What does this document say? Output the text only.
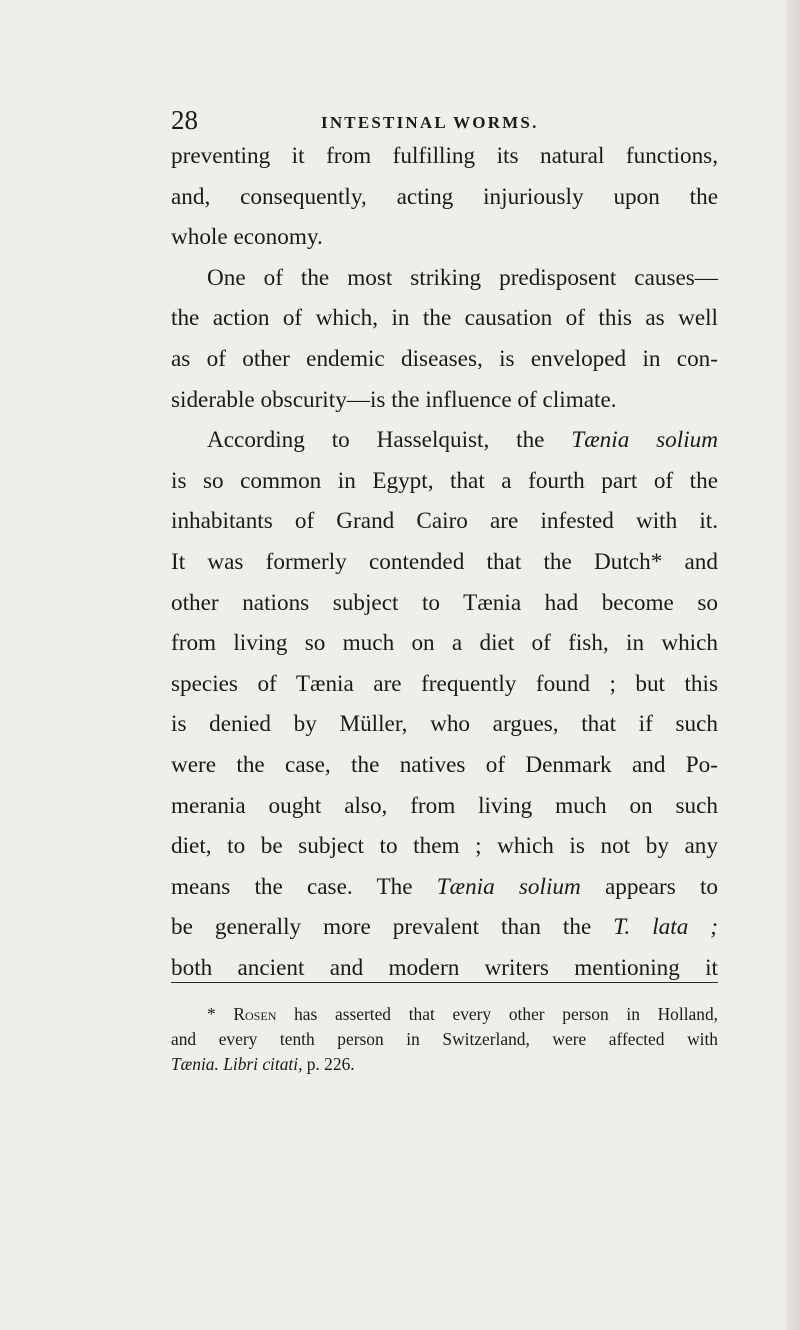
28	INTESTINAL WORMS.
preventing it from fulfilling its natural functions,
and, consequently, acting injuriously upon the
whole economy.
One of the most striking predisposent causes—
the action of which, in the causation of this as well
as of other endemic diseases, is enveloped in con-
siderable obscurity—is the influence of climate.
According to Hasselquist, the Tænia solium
is so common in Egypt, that a fourth part of the
inhabitants of Grand Cairo are infested with it.
It was formerly contended that the Dutch* and
other nations subject to Tænia had become so
from living so much on a diet of fish, in which
species of Tænia are frequently found ; but this
is denied by Müller, who argues, that if such
were the case, the natives of Denmark and Po-
merania ought also, from living much on such
diet, to be subject to them ; which is not by any
means the case. The Tænia solium appears to
be generally more prevalent than the T. lata ;
both ancient and modern writers mentioning it
* Rosen has asserted that every other person in Holland,
and every tenth person in Switzerland, were affected with
Tænia. Libri citati, p. 226.
